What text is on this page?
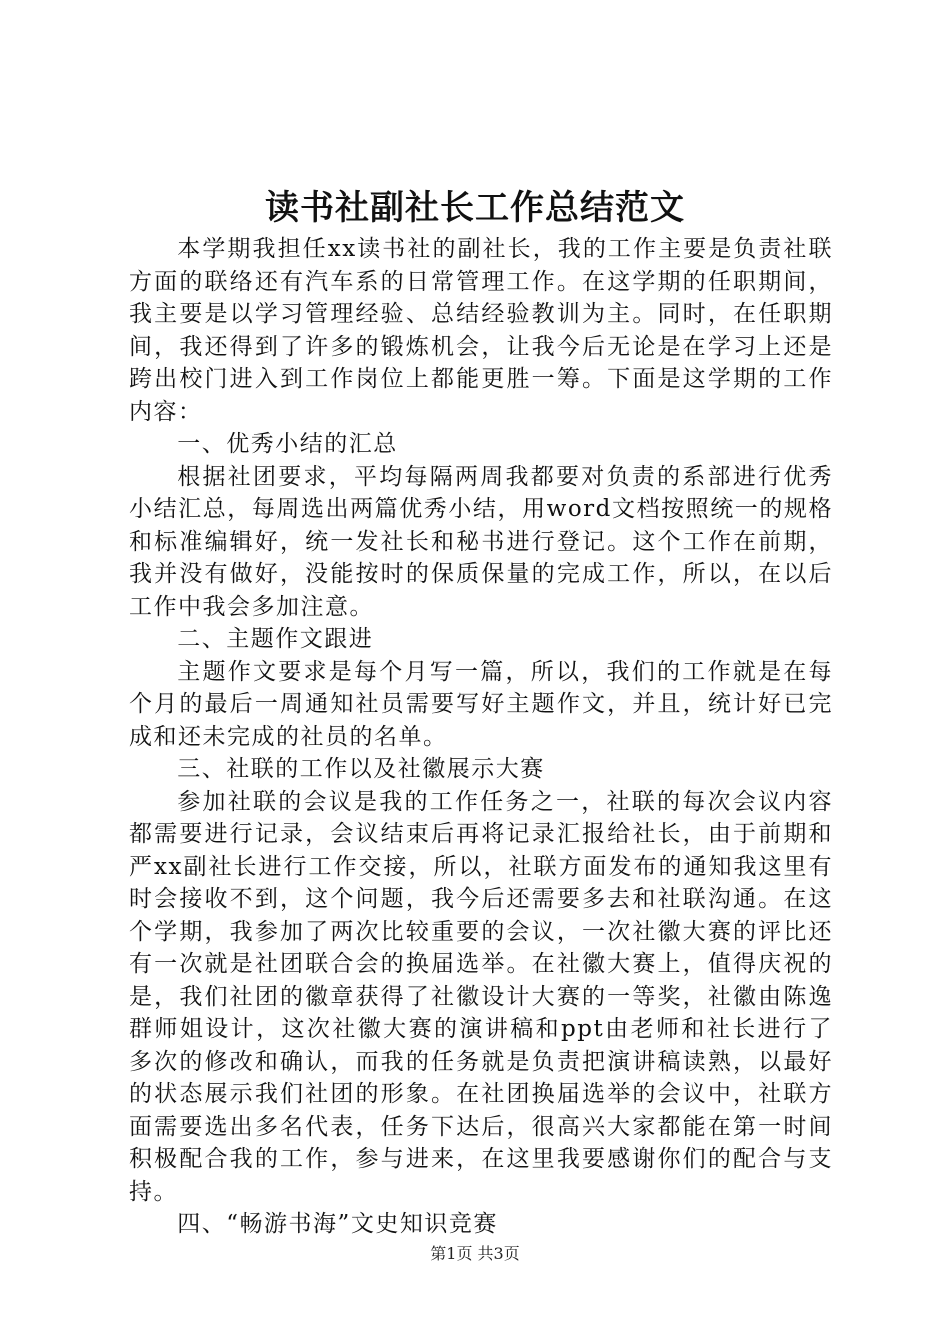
读书社副社长工作总结范文

本学期我担任xx读书社的副社长，我的工作主要是负责社联方面的联络还有汽车系的日常管理工作。在这学期的任职期间，我主要是以学习管理经验、总结经验教训为主。同时，在任职期间，我还得到了许多的锻炼机会，让我今后无论是在学习上还是跨出校门进入到工作岗位上都能更胜一筹。下面是这学期的工作内容：

一、优秀小结的汇总

根据社团要求，平均每隔两周我都要对负责的系部进行优秀小结汇总，每周选出两篇优秀小结，用word文档按照统一的规格和标准编辑好，统一发社长和秘书进行登记。这个工作在前期，我并没有做好，没能按时的保质保量的完成工作，所以，在以后工作中我会多加注意。

二、主题作文跟进

主题作文要求是每个月写一篇，所以，我们的工作就是在每个月的最后一周通知社员需要写好主题作文，并且，统计好已完成和还未完成的社员的名单。

三、社联的工作以及社徽展示大赛

参加社联的会议是我的工作任务之一，社联的每次会议内容都需要进行记录，会议结束后再将记录汇报给社长，由于前期和严xx副社长进行工作交接，所以，社联方面发布的通知我这里有时会接收不到，这个问题，我今后还需要多去和社联沟通。在这个学期，我参加了两次比较重要的会议，一次社徽大赛的评比还有一次就是社团联合会的换届选举。在社徽大赛上，值得庆祝的是，我们社团的徽章获得了社徽设计大赛的一等奖，社徽由陈逸群师姐设计，这次社徽大赛的演讲稿和ppt由老师和社长进行了多次的修改和确认，而我的任务就是负责把演讲稿读熟，以最好的状态展示我们社团的形象。在社团换届选举的会议中，社联方面需要选出多名代表，任务下达后，很高兴大家都能在第一时间积极配合我的工作，参与进来，在这里我要感谢你们的配合与支持。

四、“畅游书海”文史知识竞赛

第1页 共3页
